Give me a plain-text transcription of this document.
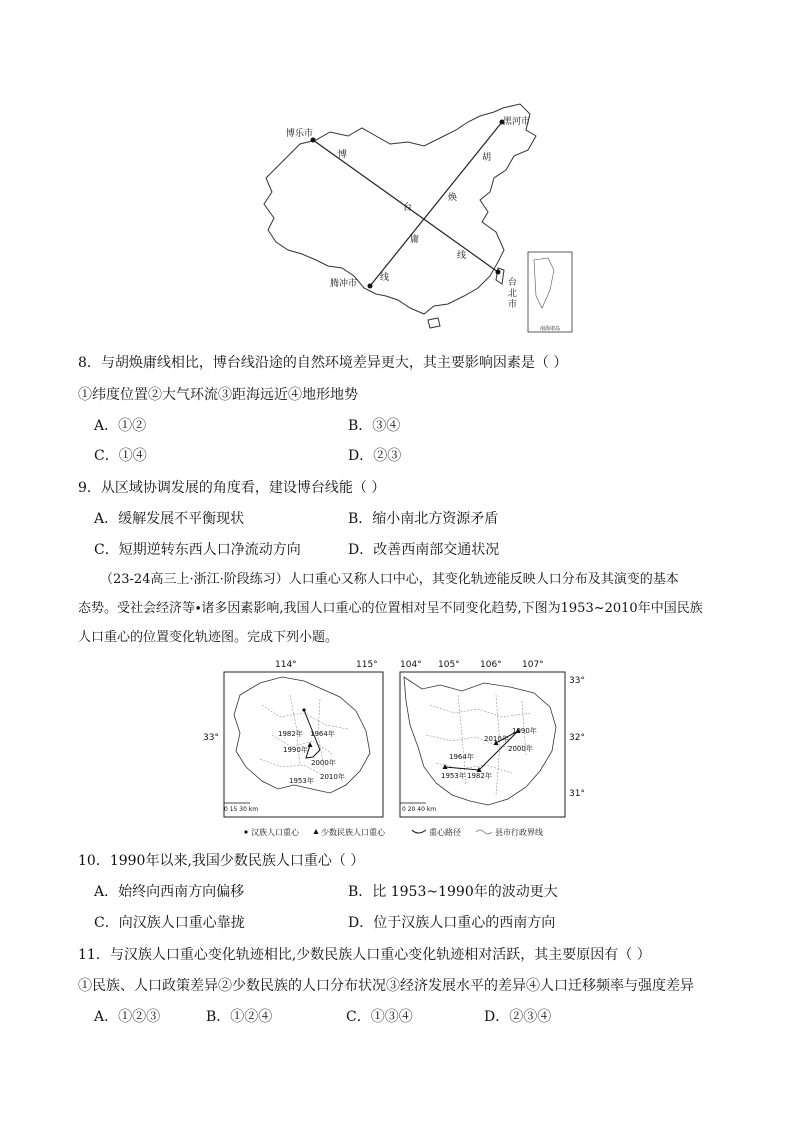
博乐市
黑河市
腾冲市	台北市
博
台
线
胡
焕
庸
线
南海诸岛
8．与胡焕庸线相比，博台线沿途的自然环境差异更大，其主要影响因素是（ ）
①纬度位置②大气环流③距海远近④地形地势
A．①②	B．③④
C．①④	D．②③
9．从区域协调发展的角度看，建设博台线能（ ）
A．缓解发展不平衡现状	B．缩小南北方资源矛盾
C．短期逆转东西人口净流动方向	D．改善西南部交通状况
（23-24高三上·浙江·阶段练习）人口重心又称人口中心，其变化轨迹能反映人口分布及其演变的基本
态势。受社会经济等∙诸多因素影响,我国人口重心的位置相对呈不同变化趋势,下图为1953~2010年中国民族
人口重心的位置变化轨迹图。完成下列小题。
114°	115°
33°
104° 105° 106° 107°
33°
32°
31°
1982年 1964年
1990年
2000年
2010年
1953年
0 15 30 km
1990年
2010年
2000年
1964年
1953年 1982年
0 20 40 km
汉族人口重心	少数民族人口重心	重心路径	县市行政界线
10．1990年以来,我国少数民族人口重心（ ）
A．始终向西南方向偏移	B．比 1953~1990年的波动更大
C．向汉族人口重心靠拢	D．位于汉族人口重心的西南方向
11．与汉族人口重心变化轨迹相比,少数民族人口重心变化轨迹相对活跃，其主要原因有（ ）
①民族、人口政策差异②少数民族的人口分布状况③经济发展水平的差异④人口迁移频率与强度差异
A．①②③	B．①②④	C．①③④	D．②③④
